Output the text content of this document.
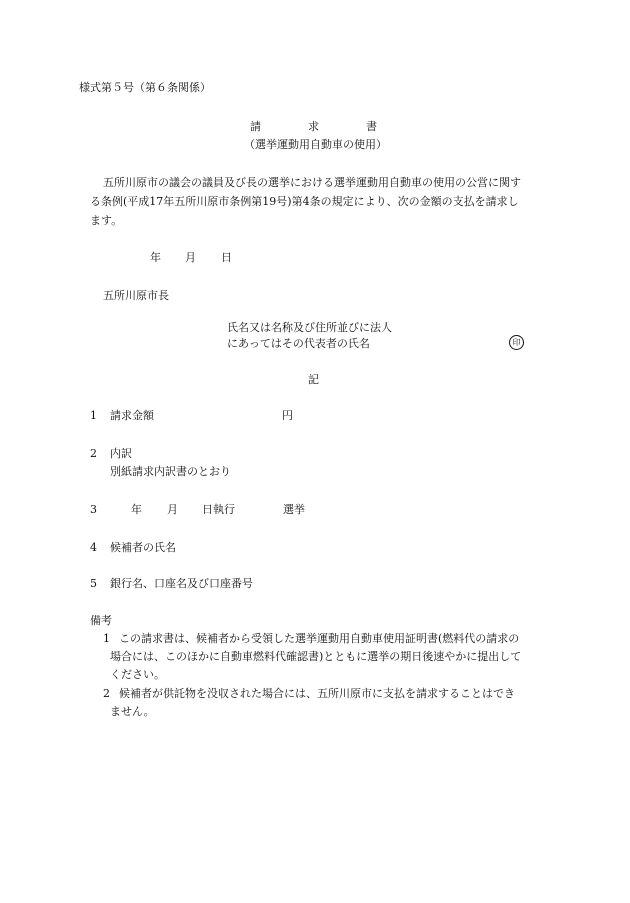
様式第５号（第６条関係）
請	求	書
（選挙運動用自動車の使用）
五所川原市の議会の議員及び長の選挙における選挙運動用自動車の使用の公営に関す
る条例(平成17年五所川原市条例第19号)第4条の規定により、次の金額の支払を請求し
ます。
年 月 日
五所川原市長
氏名又は名称及び住所並びに法人
にあってはその代表者の氏名	印
記
1 請求金額	円
2 内訳
別紙請求内訳書のとおり
3	年 月 日執行	選挙
4 候補者の氏名
5 銀行名、口座名及び口座番号
備考
1 この請求書は、候補者から受領した選挙運動用自動車使用証明書(燃料代の請求の
場合には、このほかに自動車燃料代確認書)とともに選挙の期日後速やかに提出して
ください。
2 候補者が供託物を没収された場合には、五所川原市に支払を請求することはでき
ません。
